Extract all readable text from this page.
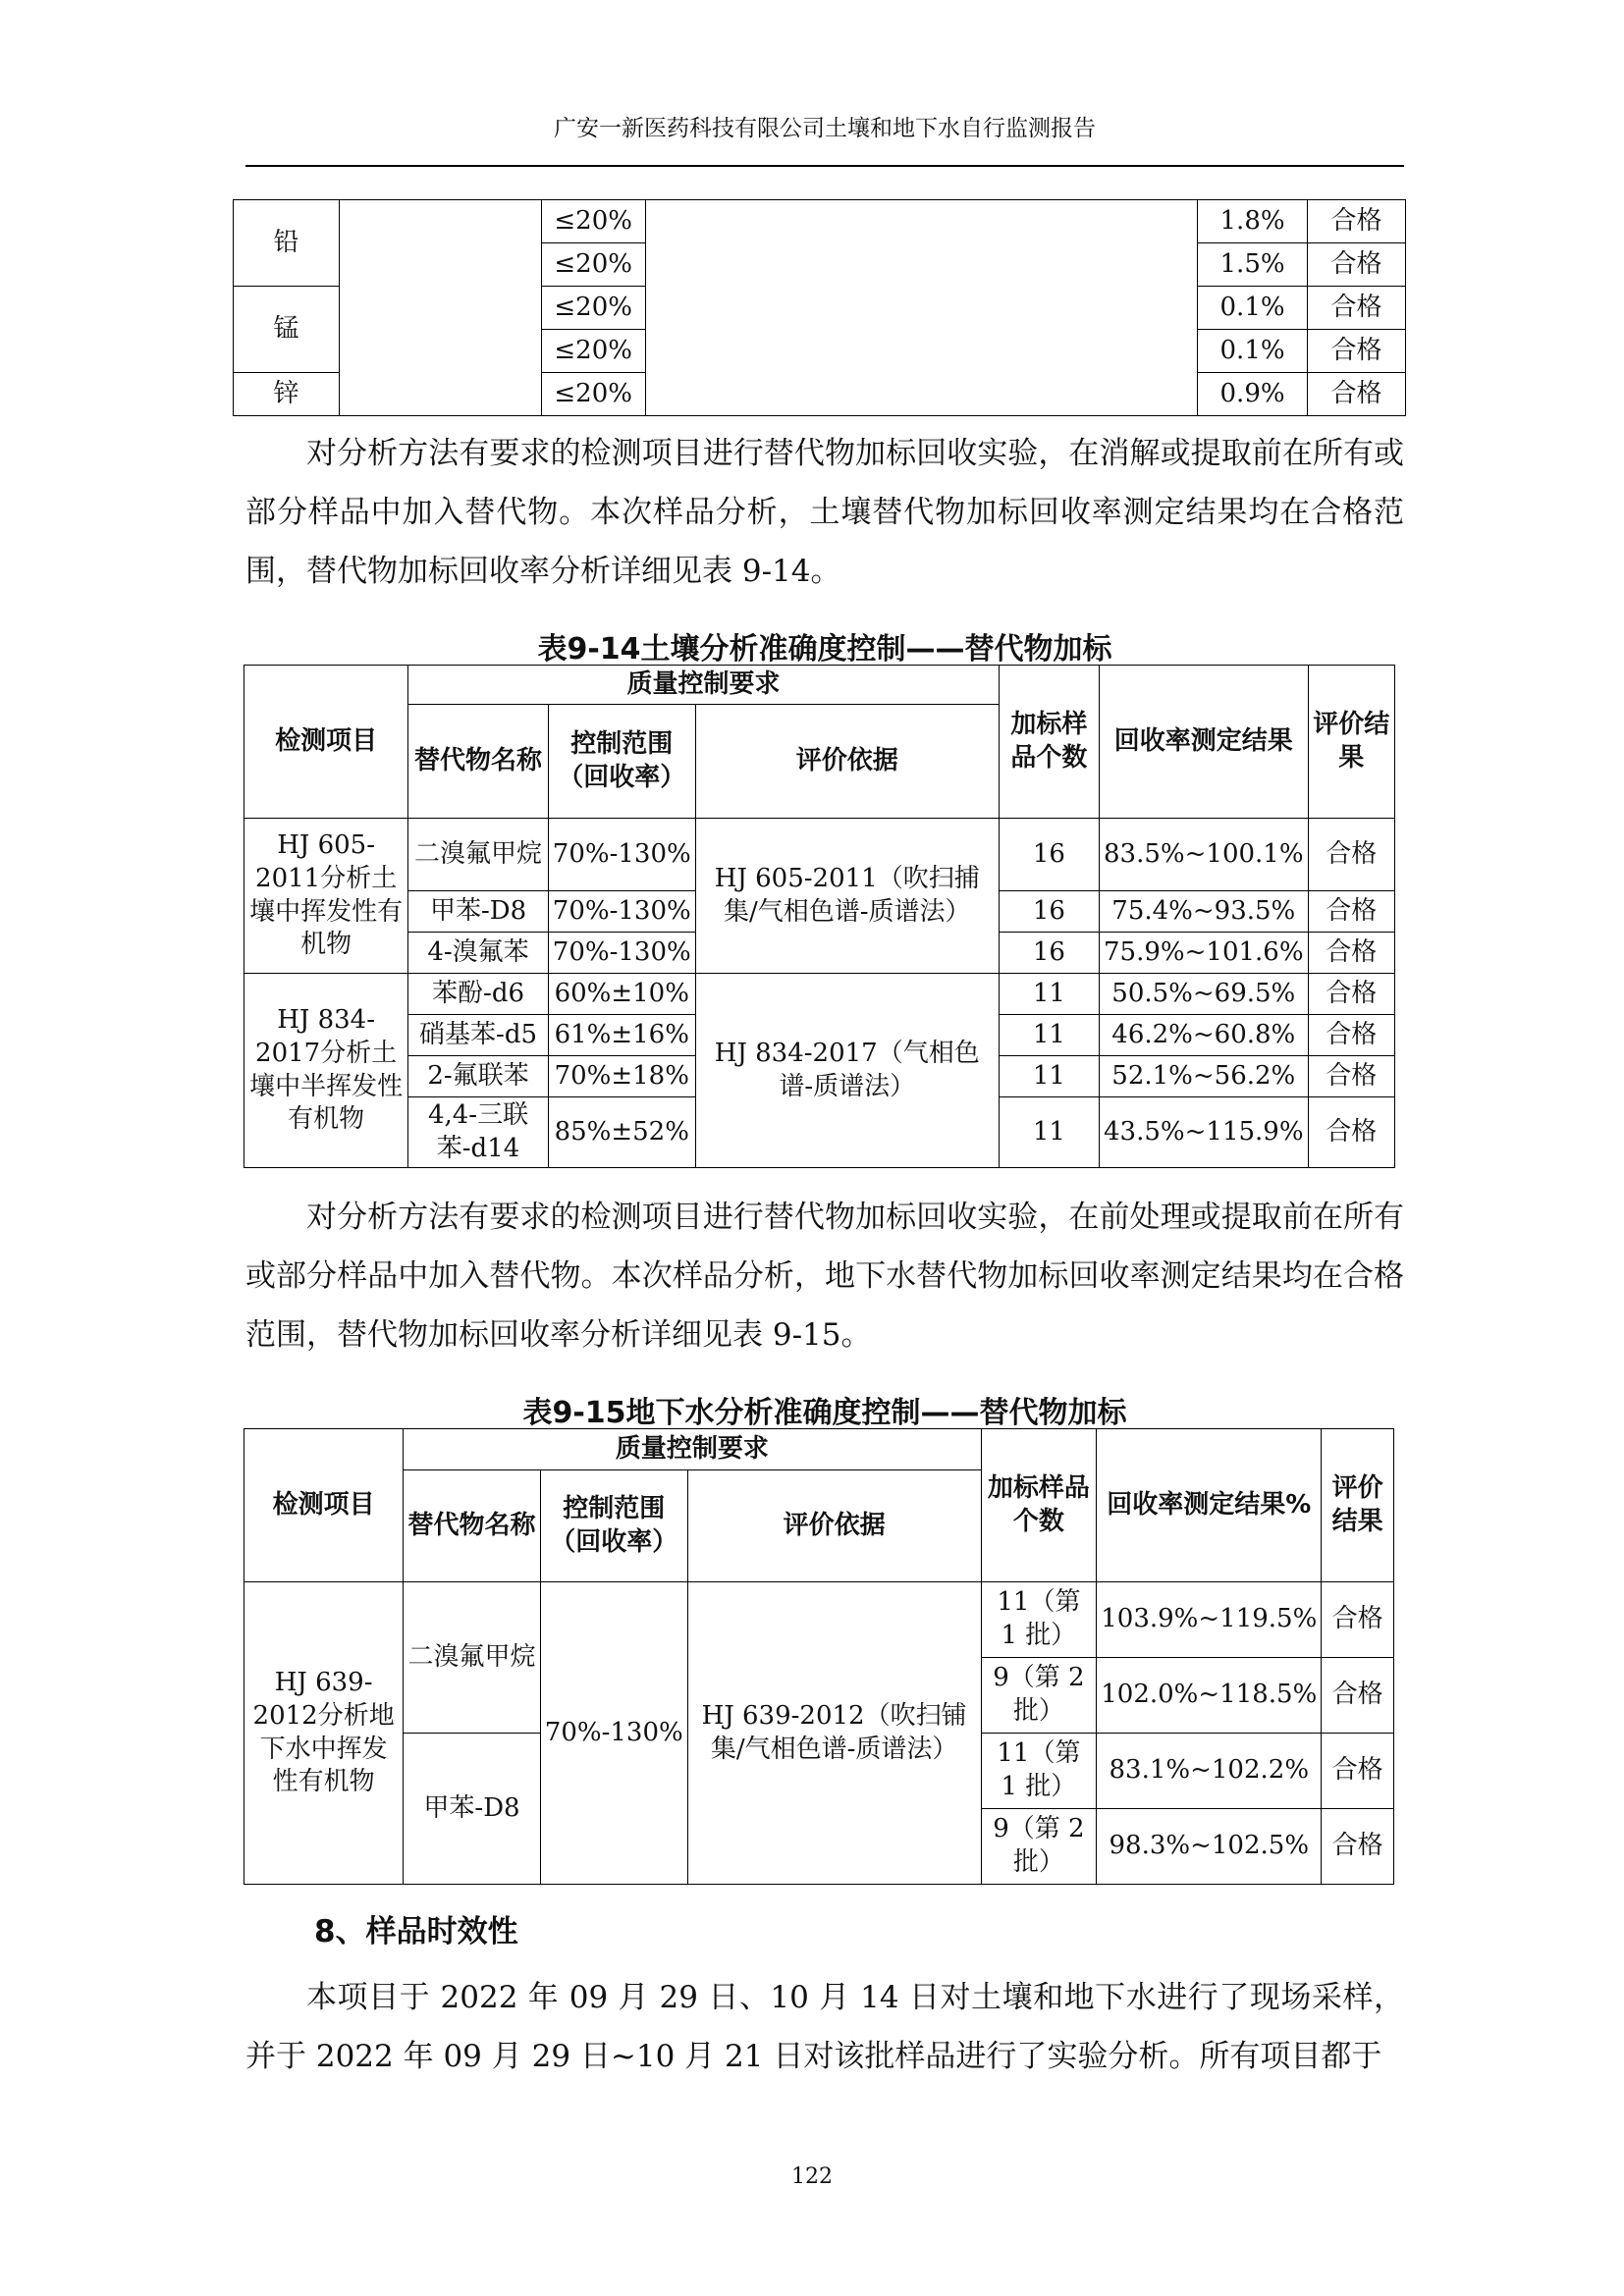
广安一新医药科技有限公司土壤和地下水自行监测报告
铅		≤20%		1.8%	合格
		≤20%		1.5%	合格
锰		≤20%		0.1%	合格
		≤20%		0.1%	合格
锌		≤20%		0.9%	合格

对分析方法有要求的检测项目进行替代物加标回收实验，在消解或提取前在所有或部分样品中加入替代物。本次样品分析，土壤替代物加标回收率测定结果均在合格范围，替代物加标回收率分析详细见表 9-14。

表9-14土壤分析准确度控制——替代物加标
检测项目	质量控制要求			加标样品个数	回收率测定结果	评价结果
	替代物名称	控制范围（回收率）	评价依据			
HJ 605-2011分析土壤中挥发性有机物	二溴氟甲烷	70%-130%	HJ 605-2011（吹扫捕集/气相色谱-质谱法）	16	83.5%~100.1%	合格
	甲苯-D8	70%-130%		16	75.4%~93.5%	合格
	4-溴氟苯	70%-130%		16	75.9%~101.6%	合格
HJ 834-2017分析土壤中半挥发性有机物	苯酚-d6	60%±10%	HJ 834-2017（气相色谱-质谱法）	11	50.5%~69.5%	合格
	硝基苯-d5	61%±16%		11	46.2%~60.8%	合格
	2-氟联苯	70%±18%		11	52.1%~56.2%	合格
	4,4-三联苯-d14	85%±52%		11	43.5%~115.9%	合格

对分析方法有要求的检测项目进行替代物加标回收实验，在前处理或提取前在所有或部分样品中加入替代物。本次样品分析，地下水替代物加标回收率测定结果均在合格范围，替代物加标回收率分析详细见表 9-15。

表9-15地下水分析准确度控制——替代物加标
检测项目	质量控制要求			加标样品个数	回收率测定结果%	评价结果
	替代物名称	控制范围（回收率）	评价依据			
HJ 639-2012分析地下水中挥发性有机物	二溴氟甲烷	70%-130%	HJ 639-2012（吹扫铺集/气相色谱-质谱法）	11（第 1 批）	103.9%~119.5%	合格
				9（第 2 批）	102.0%~118.5%	合格
	甲苯-D8			11（第 1 批）	83.1%~102.2%	合格
				9（第 2 批）	98.3%~102.5%	合格
8、样品时效性

本项目于 2022 年 09 月 29 日、10 月 14 日对土壤和地下水进行了现场采样，并于 2022 年 09 月 29 日~10 月 21 日对该批样品进行了实验分析。所有项目都于

122
